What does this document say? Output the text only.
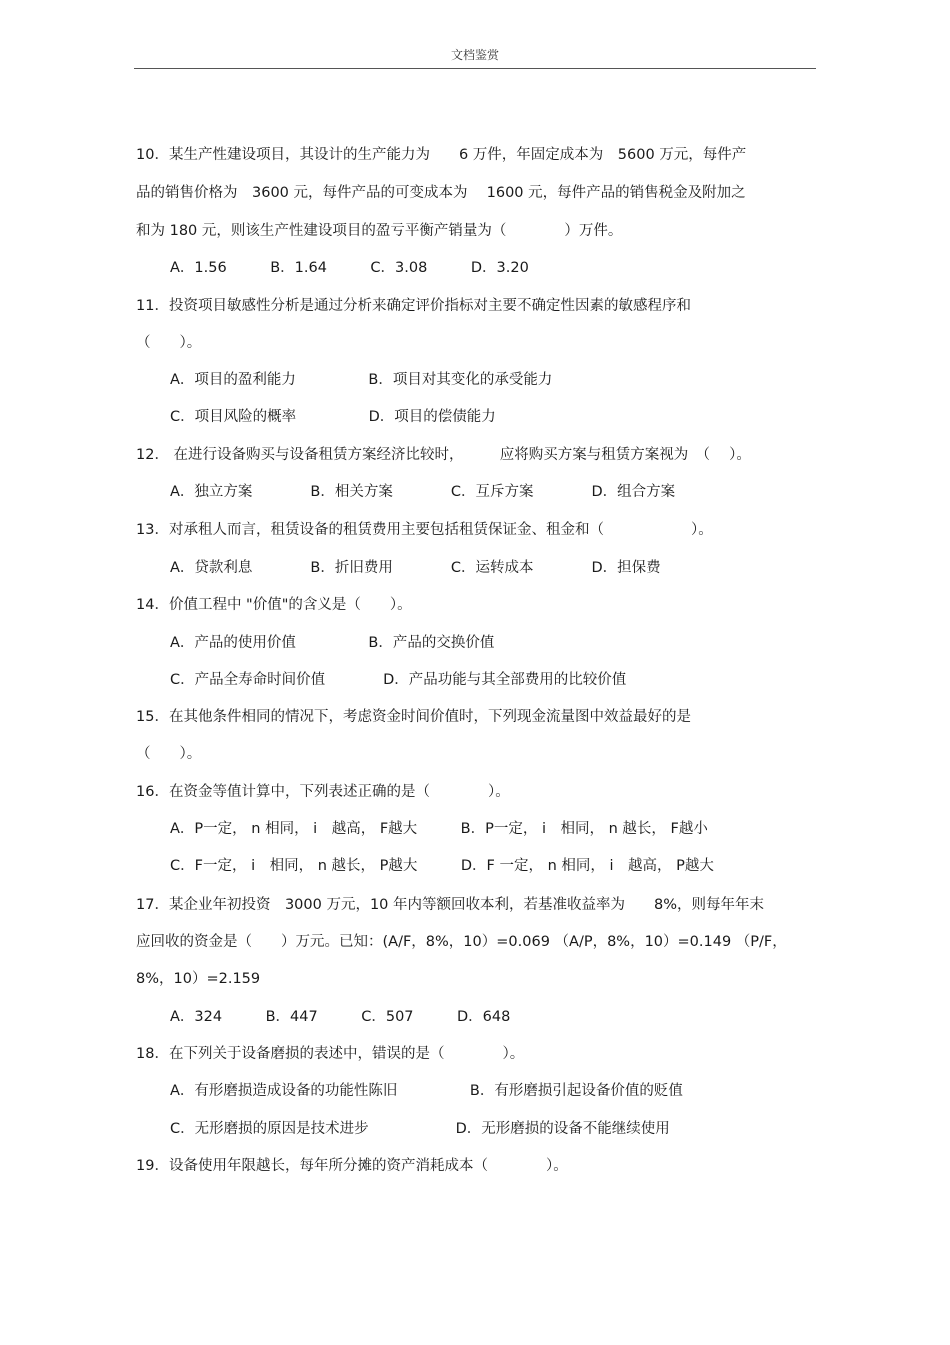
文档鉴赏
10．某生产性建设项目，其设计的生产能力为　　6 万件，年固定成本为　5600 万元，每件产
品的销售价格为　3600 元，每件产品的可变成本为　 1600 元，每件产品的销售税金及附加之
和为 180 元，则该生产性建设项目的盈亏平衡产销量为（　　　　）万件。
A．1.56　　　B．1.64　　　C．3.08　　　D．3.20
11．投资项目敏感性分析是通过分析来确定评价指标对主要不确定性因素的敏感程序和
（　　）。
A．项目的盈利能力　　　　　B．项目对其变化的承受能力
C．项目风险的概率　　　　　D．项目的偿债能力
12． 在进行设备购买与设备租赁方案经济比较时，　　　应将购买方案与租赁方案视为　（　 ）。
A．独立方案　　　　B．相关方案　　　　C．互斥方案　　　　D．组合方案
13．对承租人而言，租赁设备的租赁费用主要包括租赁保证金、租金和（　　　　　　）。
A．贷款利息　　　　B．折旧费用　　　　C．运转成本　　　　D．担保费
14．价值工程中 "价值"的含义是（　　）。
A．产品的使用价值　　　　　B．产品的交换价值
C．产品全寿命时间价值　　　　D．产品功能与其全部费用的比较价值
15．在其他条件相同的情况下，考虑资金时间价值时，下列现金流量图中效益最好的是
（　　）。
16．在资金等值计算中，下列表述正确的是（　　　　）。
A．P一定， n 相同， i　越高， F越大　　　B．P一定， i　相同， n 越长， F越小
C．F一定， i　相同， n 越长， P越大　　　D．F 一定， n 相同， i　越高， P越大
17．某企业年初投资　3000 万元，10 年内等额回收本利，若基准收益率为　　8%，则每年年末
应回收的资金是（　　）万元。已知：(A/F，8%，10）=0.069 （A/P，8%，10）=0.149 （P/F，
8%，10）=2.159
A．324　　　B．447　　　C．507　　　D．648
18．在下列关于设备磨损的表述中，错误的是（　　　　）。
A．有形磨损造成设备的功能性陈旧　　　　　B．有形磨损引起设备价值的贬值
C．无形磨损的原因是技术进步　　　　　　D．无形磨损的设备不能继续使用
19．设备使用年限越长，每年所分摊的资产消耗成本（　　　　）。
